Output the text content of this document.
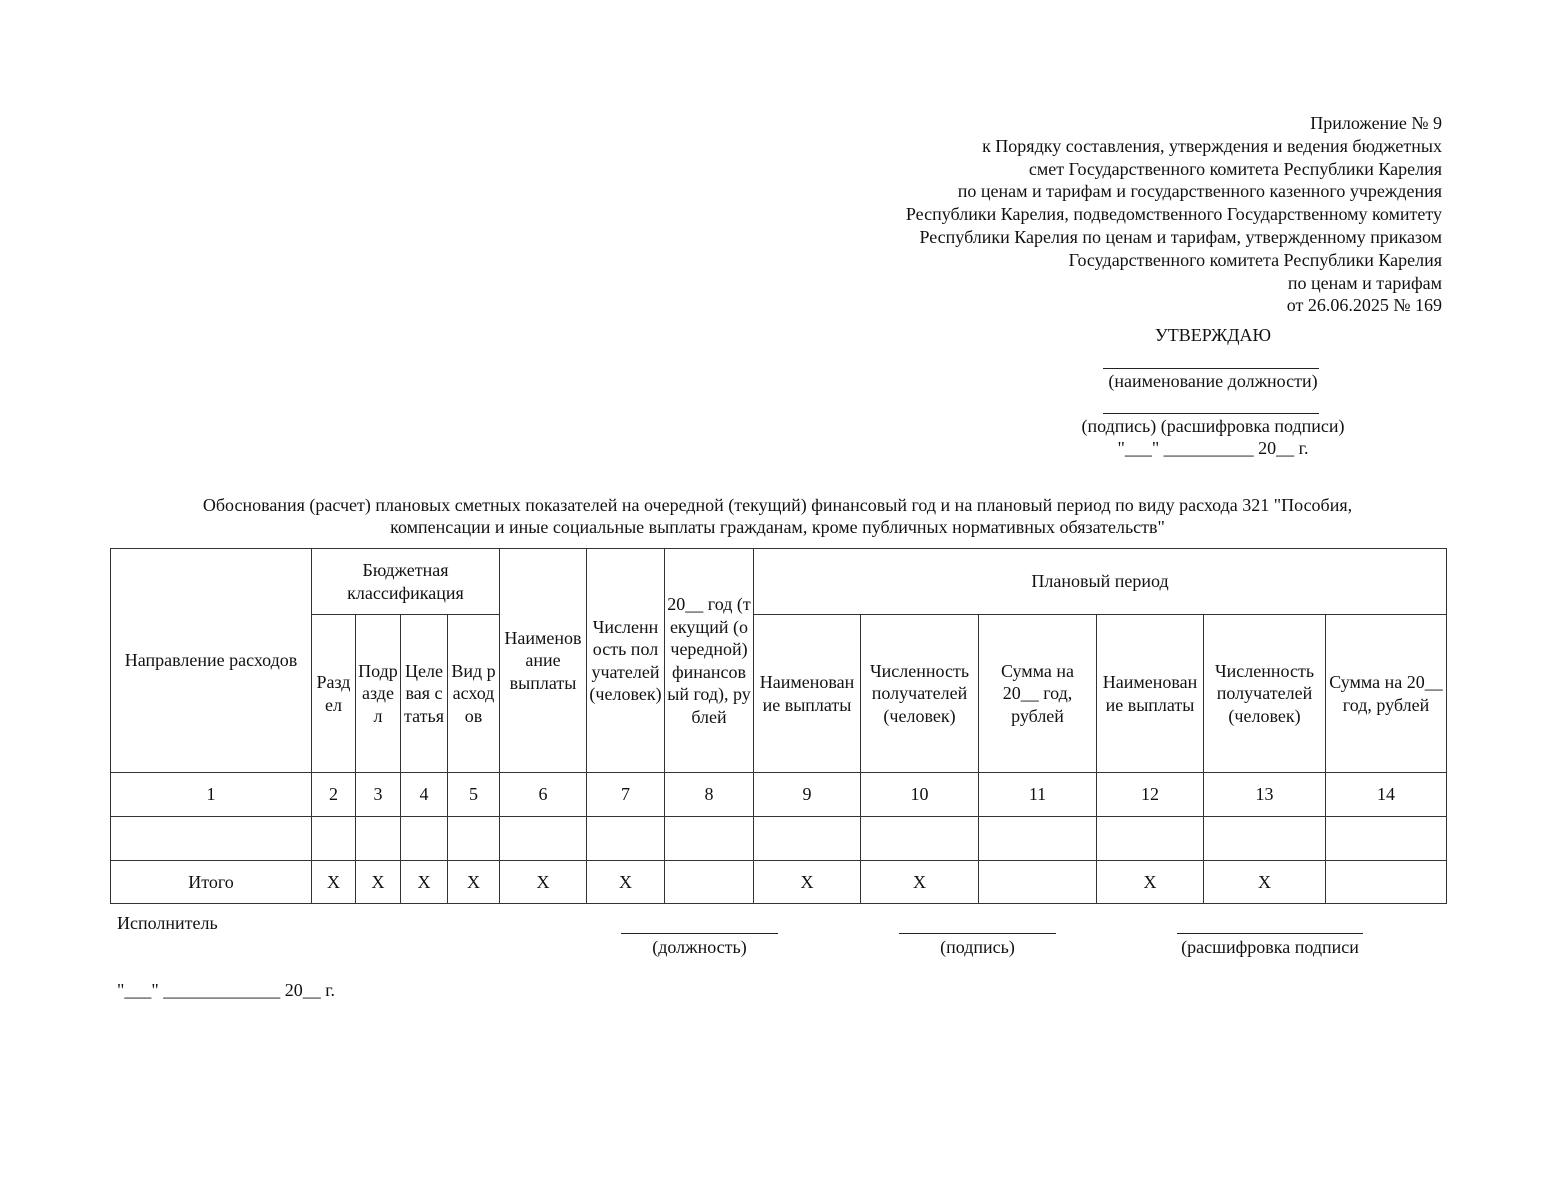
Приложение № 9
к Порядку составления, утверждения и ведения бюджетных
смет Государственного комитета Республики Карелия
по ценам и тарифам и государственного казенного учреждения
Республики Карелия, подведомственного Государственному комитету
Республики Карелия по ценам и тарифам, утвержденному приказом
Государственного комитета Республики Карелия
по ценам и тарифам
от 26.06.2025 № 169
УТВЕРЖДАЮ
(наименование должности)
(подпись) (расшифровка подписи)
"___" __________ 20__ г.
Обоснования (расчет) плановых сметных показателей на очередной (текущий) финансовый год и на плановый период по виду расхода 321 "Пособия,
компенсации и иные социальные выплаты гражданам, кроме публичных нормативных обязательств"
Направление расходов	Бюджетная классификация				Наименование выплаты	Численность получателей (человек)	20__ год (текущий (очередной) финансовый год), рублей	Плановый период					
	Раздел	Подраздел	Целевая статья	Вид расходов				Наименование выплаты	Численность получателей (человек)	Сумма на 20__ год, рублей	Наименование выплаты	Численность получателей (человек)	Сумма на 20__ год, рублей
1	2	3	4	5	6	7	8	9	10	11	12	13	14

Итого	Х	Х	Х	Х	Х	Х		Х	Х		Х	Х	
Исполнитель
(должность)	(подпись)	(расшифровка подписи
"___" _____________ 20__ г.
